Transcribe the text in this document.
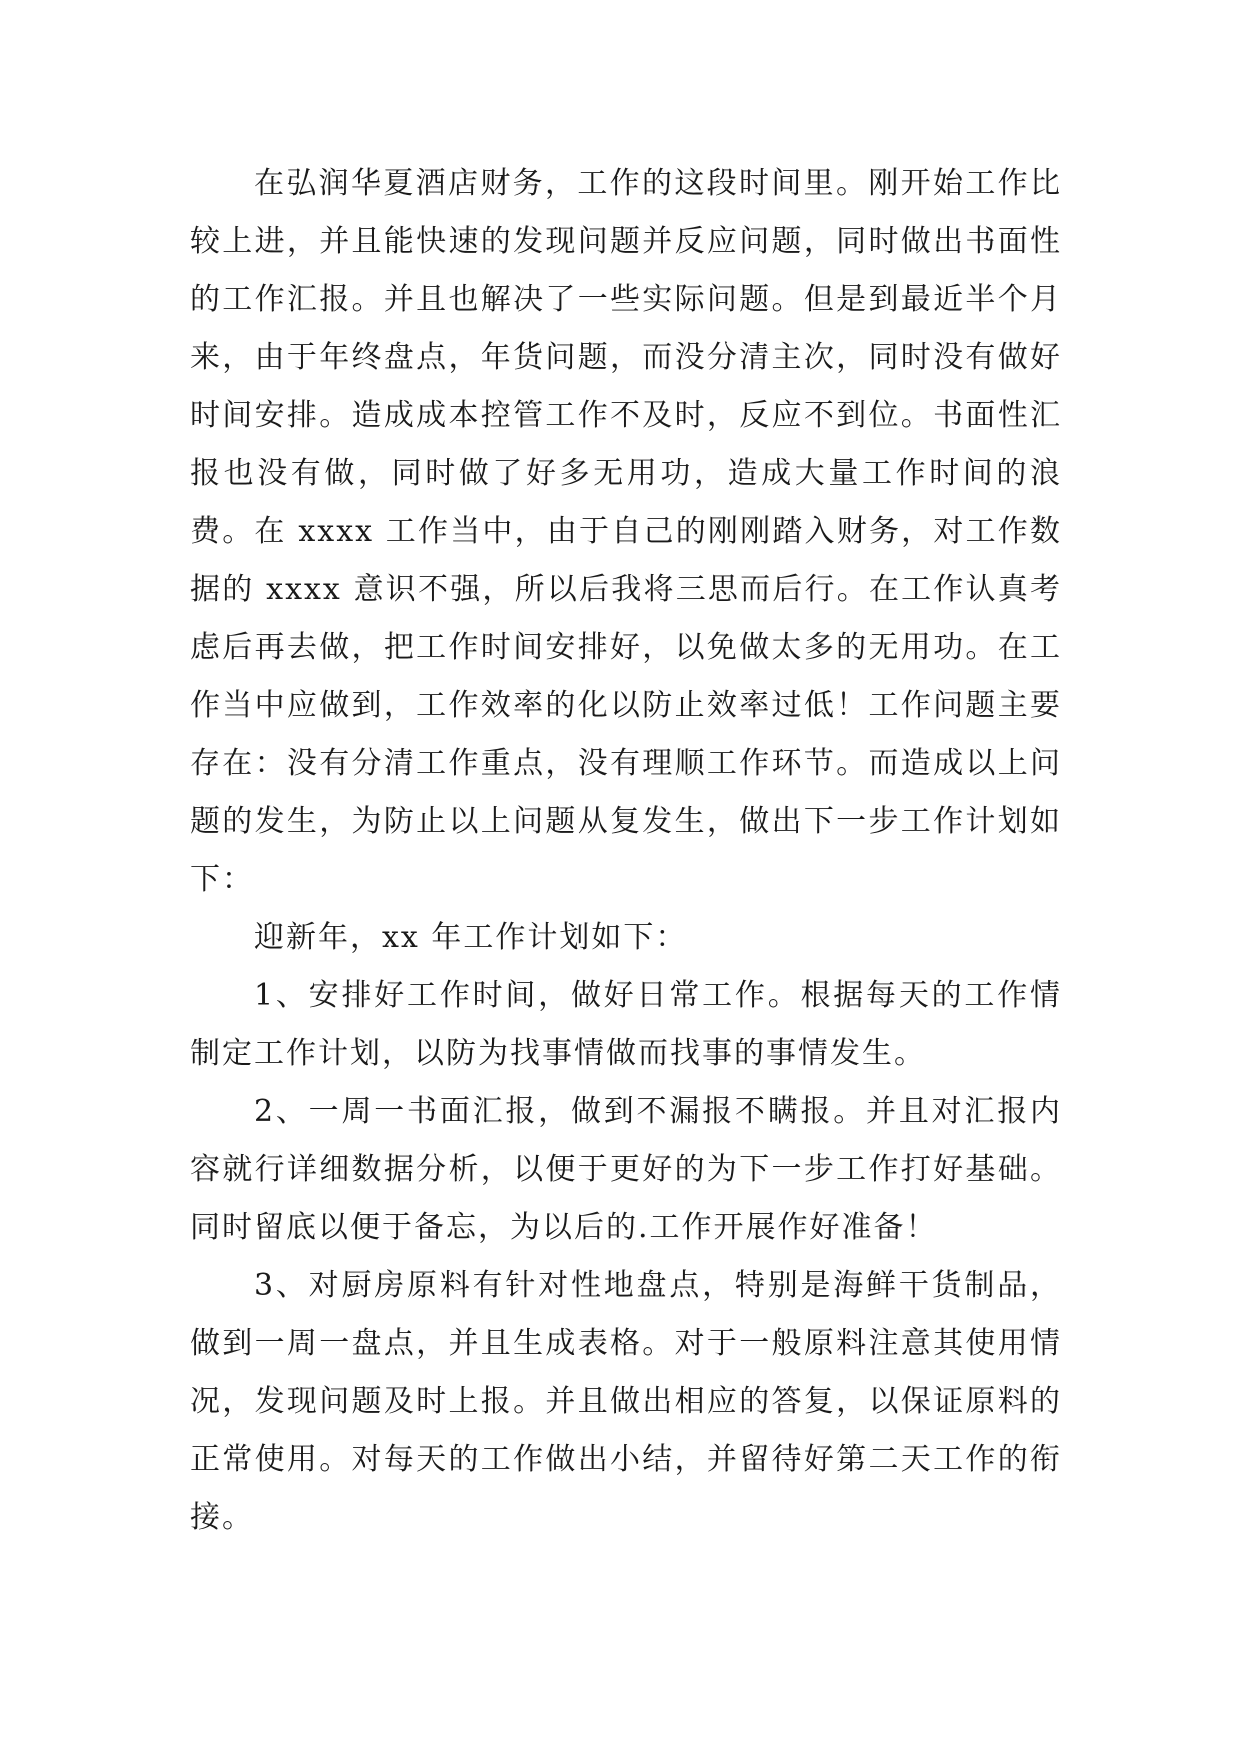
在弘润华夏酒店财务，工作的这段时间里。刚开始工作比较上进，并且能快速的发现问题并反应问题，同时做出书面性的工作汇报。并且也解决了一些实际问题。但是到最近半个月来，由于年终盘点，年货问题，而没分清主次，同时没有做好时间安排。造成成本控管工作不及时，反应不到位。书面性汇报也没有做，同时做了好多无用功，造成大量工作时间的浪费。在 xxxx 工作当中，由于自己的刚刚踏入财务，对工作数据的 xxxx 意识不强，所以后我将三思而后行。在工作认真考虑后再去做，把工作时间安排好，以免做太多的无用功。在工作当中应做到，工作效率的化以防止效率过低！工作问题主要存在：没有分清工作重点，没有理顺工作环节。而造成以上问题的发生，为防止以上问题从复发生，做出下一步工作计划如下：

迎新年，xx 年工作计划如下：

1、安排好工作时间，做好日常工作。根据每天的工作情制定工作计划，以防为找事情做而找事的事情发生。

2、一周一书面汇报，做到不漏报不瞒报。并且对汇报内容就行详细数据分析，以便于更好的为下一步工作打好基础。同时留底以便于备忘，为以后的.工作开展作好准备！

3、对厨房原料有针对性地盘点，特别是海鲜干货制品，做到一周一盘点，并且生成表格。对于一般原料注意其使用情况，发现问题及时上报。并且做出相应的答复，以保证原料的正常使用。对每天的工作做出小结，并留待好第二天工作的衔接。
